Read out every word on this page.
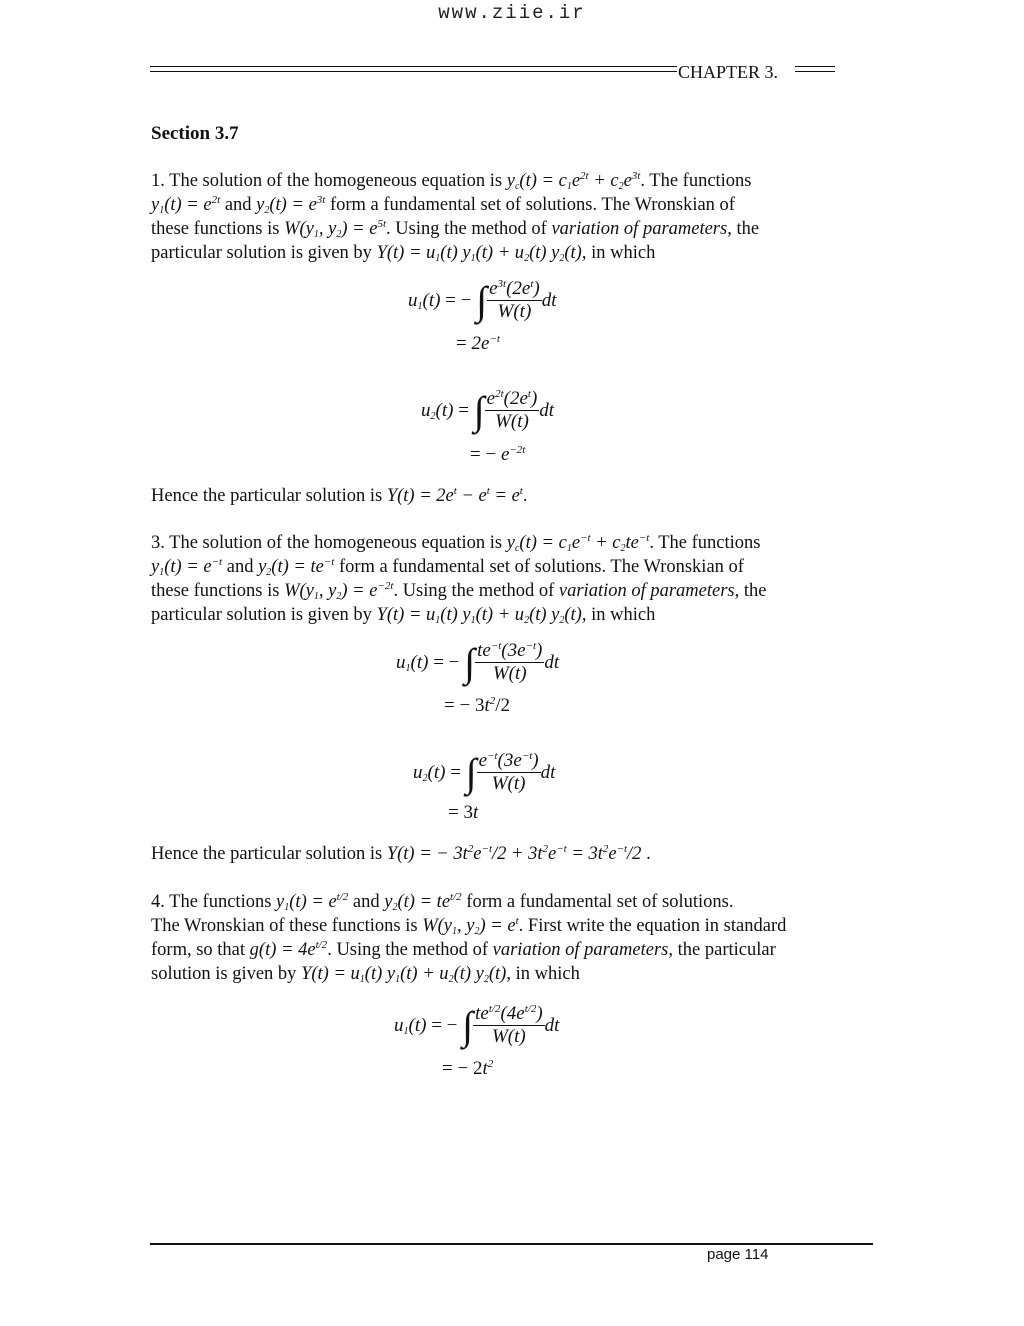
www.ziie.ir
CHAPTER 3.
Section 3.7
1. The solution of the homogeneous equation is $y_c(t) = c_1e^{2t} + c_2e^{3t}$. The functions
$y_1(t) = e^{2t}$ and $y_2(t) = e^{3t}$ form a fundamental set of solutions. The Wronskian of
these functions is $W(y_1$, $y_2) = e^{5t}$. Using the method of variation of parameters, the
particular solution is given by $Y(t) = u_1(t) y_1(t) + u_2(t)$ $y_2(t)$, in which
$u_1(t)$ = − ∫ $\frac{e^{3t}(2e^t)}{W(t)}$ dt
= $2e^{-t}$
$u_2(t)$ = ∫ $\frac{e^{2t}(2e^t)}{W(t)}$ dt
= − $e^{-2t}$
Hence the particular solution is $Y(t) = 2e^t - e^t = e^t$.
3. The solution of the homogeneous equation is $y_c(t) = c_1e^{-t} + c_2te^{-t}$. The functions
$y_1(t) = e^{-t}$ and $y_2(t) = te^{-t}$ form a fundamental set of solutions. The Wronskian of
these functions is $W(y_1$, $y_2) = e^{-2t}$. Using the method of variation of parameters, the
particular solution is given by $Y(t) = u_1(t) y_1(t) + u_2(t)$ $y_2(t)$, in which
$u_1(t)$ = − ∫ $\frac{te^{-t}(3e^{-t})}{W(t)}$ dt
= − $3t^2/2$
$u_2(t)$ = ∫ $\frac{e^{-t}(3e^{-t})}{W(t)}$ dt
= 3t
Hence the particular solution is Y(t) = − $3t^2e^{-t}/2 + 3t^2e^{-t} = 3t^2e^{-t}/2$ .
4. The functions $y_1(t) = e^{t/2}$ and $y_2(t) = te^{t/2}$ form a fundamental set of solutions.
The Wronskian of these functions is $W(y_1$, $y_2) = e^t$. First write the equation in standard
form, so that $g(t) = 4e^{t/2}$. Using the method of variation of parameters, the particular
solution is given by $Y(t) = u_1(t) y_1(t) + u_2(t)$ $y_2(t)$, in which
$u_1(t)$ = − ∫ $\frac{te^{t/2}(4e^{t/2})}{W(t)}$ dt
= − $2t^2$
page 114
